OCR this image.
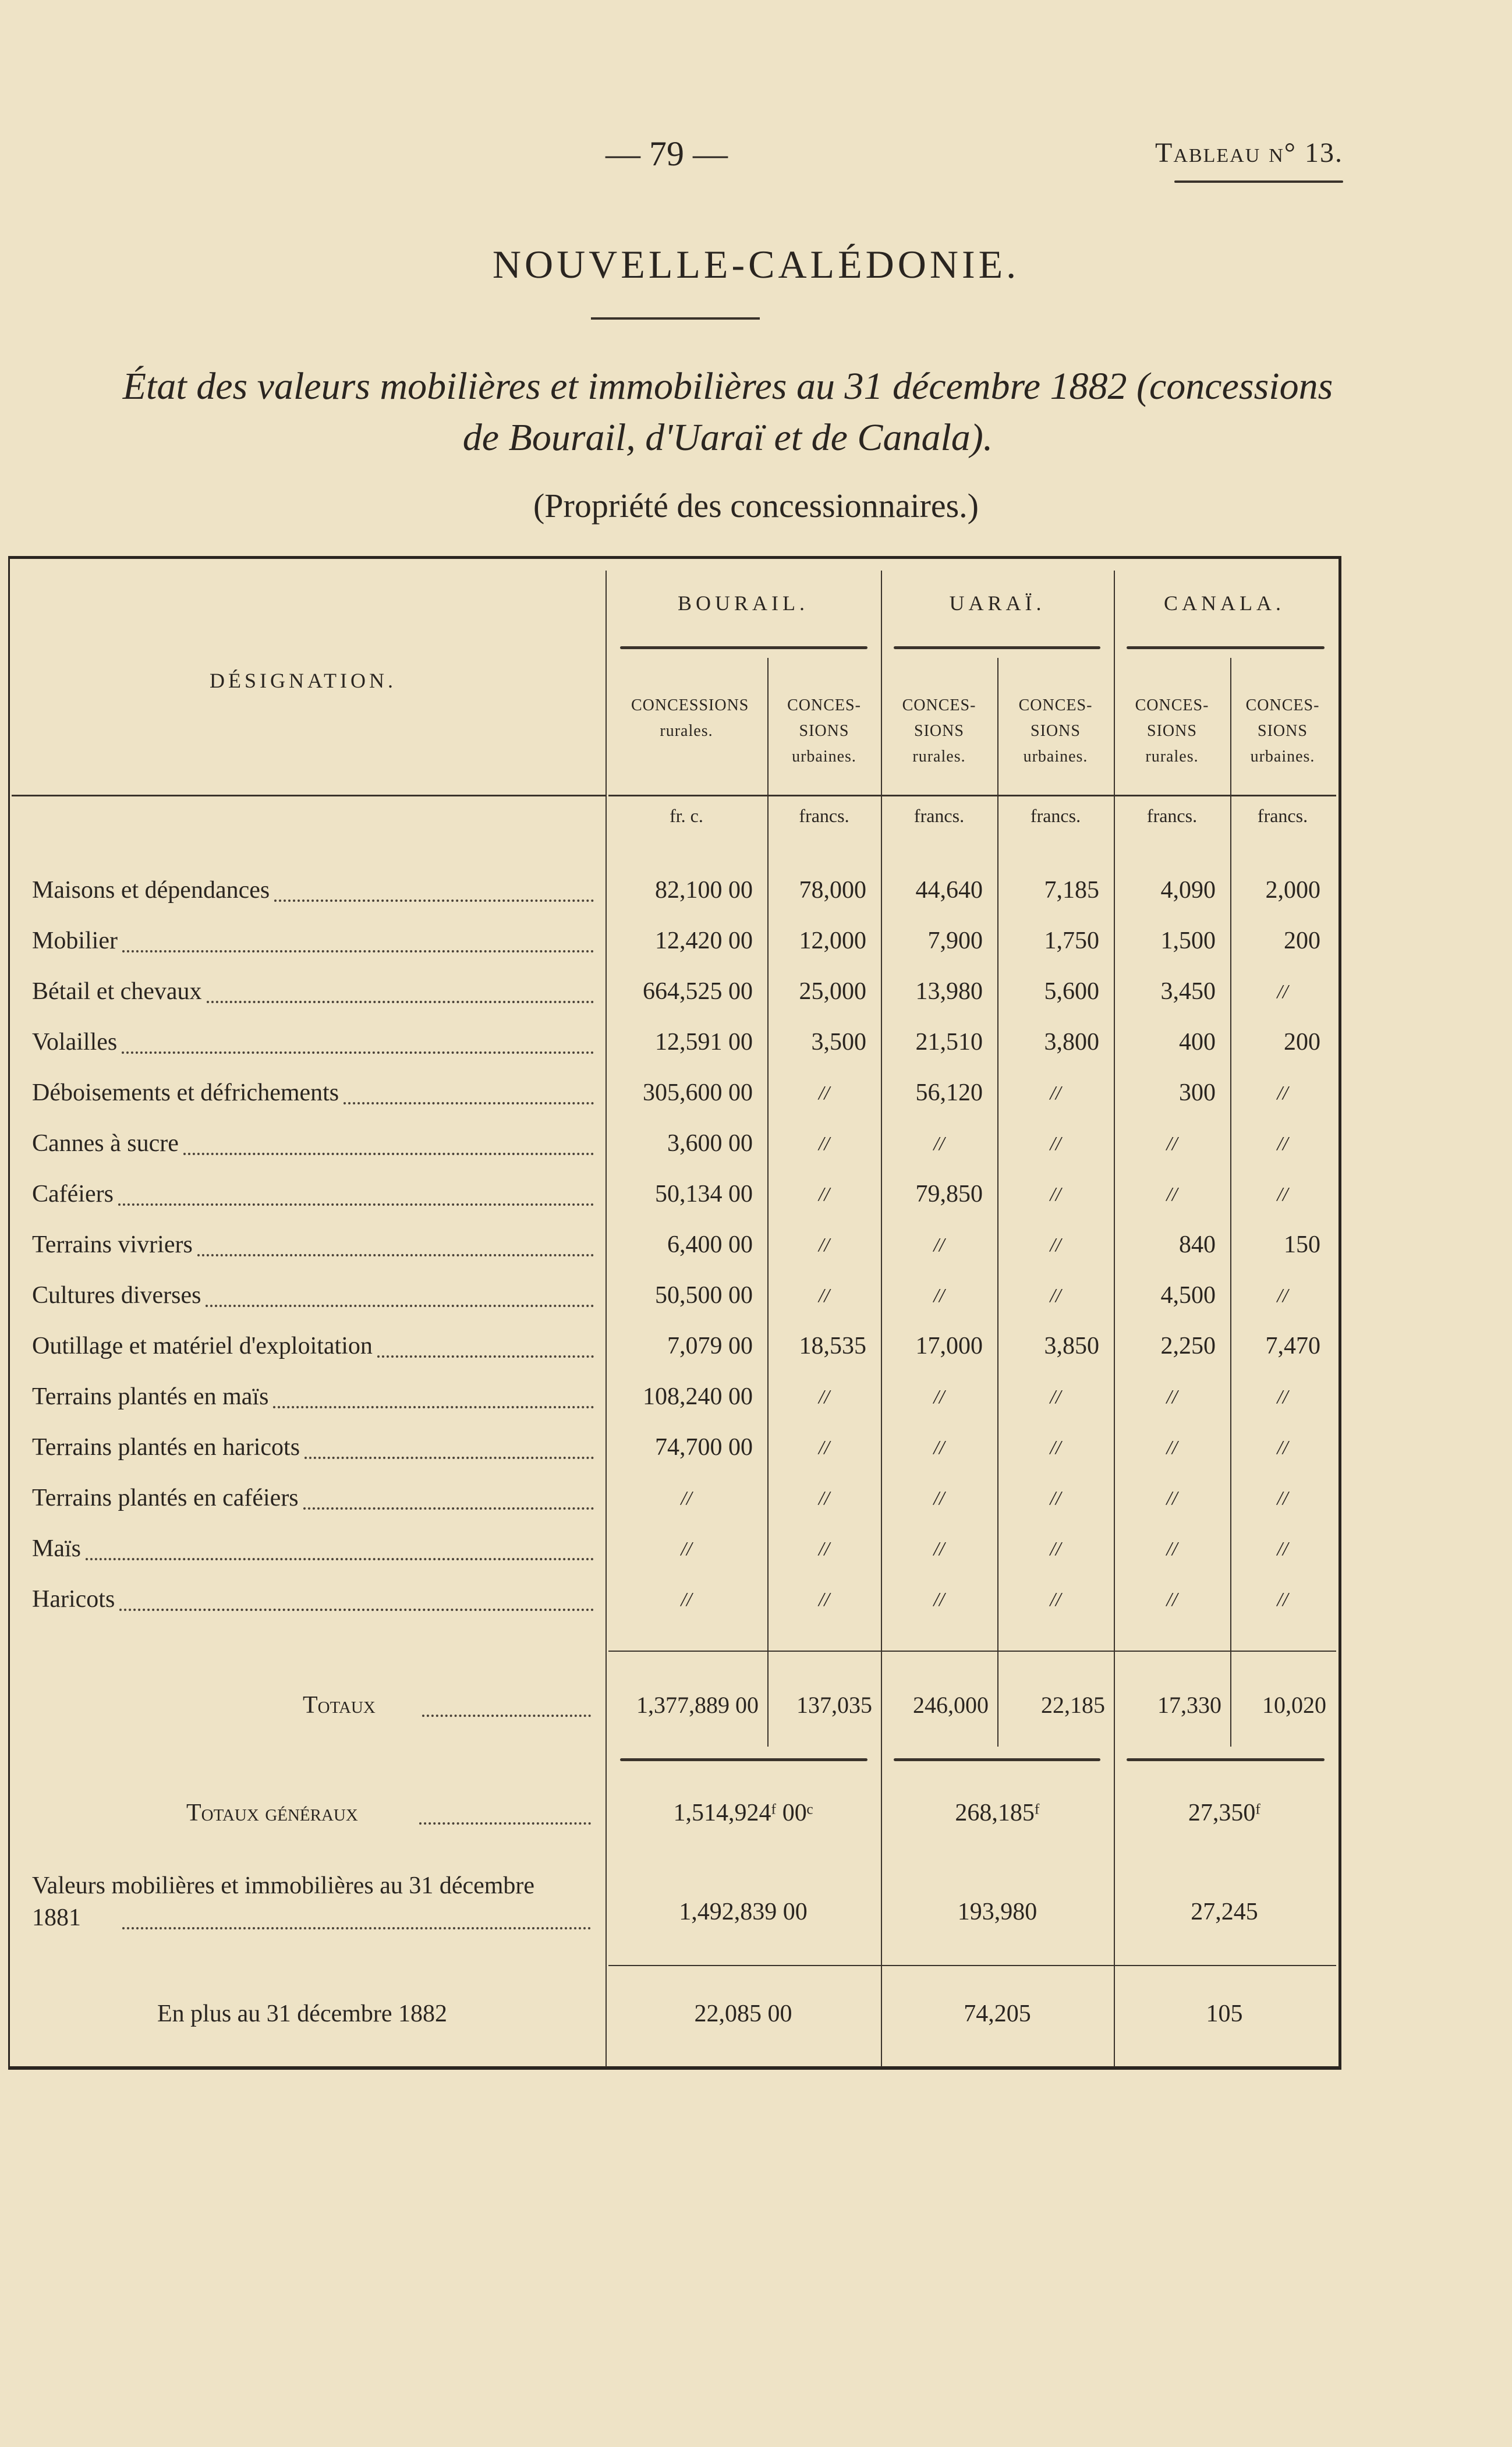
— 79 —	Tableau n° 13.
NOUVELLE-CALÉDONIE.
État des valeurs mobilières et immobilières au 31 décembre 1882 (concessions
de Bourail, d'Uaraï et de Canala).
(Propriété des concessionnaires.)
BOURAIL.	UARAÏ.	CANALA.
DÉSIGNATION.
CONCESSIONS
rurales.
CONCES-
SIONS
urbaines.
CONCES-
SIONS
rurales.
CONCES-
SIONS
urbaines.
CONCES-
SIONS
rurales.
CONCES-
SIONS
urbaines.
fr. c.	francs.	francs.	francs.	francs.	francs.
Maisons et dépendances	82,100 00	78,000	44,640	7,185	4,090	2,000
Mobilier	12,420 00	12,000	7,900	1,750	1,500	200
Bétail et chevaux	664,525 00	25,000	13,980	5,600	3,450	//
Volailles	12,591 00	3,500	21,510	3,800	400	200
Déboisements et défrichements	305,600 00	//	56,120	//	300	//
Cannes à sucre	3,600 00	//	//	//	//	//
Caféiers	50,134 00	//	79,850	//	//	//
Terrains vivriers	6,400 00	//	//	//	840	150
Cultures diverses	50,500 00	//	//	//	4,500	//
Outillage et matériel d'exploitation	7,079 00	18,535	17,000	3,850	2,250	7,470
Terrains plantés en maïs	108,240 00	//	//	//	//	//
Terrains plantés en haricots	74,700 00	//	//	//	//	//
Terrains plantés en caféiers	//	//	//	//	//	//
Maïs	//	//	//	//	//	//
Haricots	//	//	//	//	//	//
Totaux	1,377,889 00	137,035	246,000	22,185	17,330	10,020
Totaux généraux	1,514,924ᶠ 00ᶜ	268,185ᶠ	27,350ᶠ
Valeurs mobilières et immobilières au 31 décembre
1881	1,492,839 00	193,980	27,245
En plus au 31 décembre 1882	22,085 00	74,205	105
